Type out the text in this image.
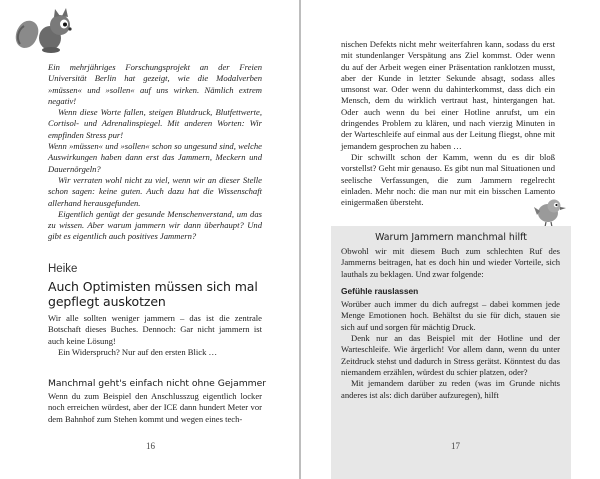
Ein mehrjähriges Forschungsprojekt an der Freien Universität Berlin hat gezeigt, wie die Modalverben »müssen« und »sollen« auf uns wirken. Nämlich extrem negativ!

Wenn diese Worte fallen, steigen Blutdruck, Blutfettwerte, Cortisol- und Adrenalinspiegel. Mit anderen Worten: Wir empfinden Stress pur!

Wenn »müssen« und »sollen« schon so ungesund sind, welche Auswirkungen haben dann erst das Jammern, Meckern und Dauernörgeln?

Wir verraten wohl nicht zu viel, wenn wir an dieser Stelle schon sagen: keine guten. Auch dazu hat die Wissenschaft allerhand herausgefunden.

Eigentlich genügt der gesunde Menschenverstand, um das zu wissen. Aber warum jammern wir dann überhaupt? Und gibt es eigentlich auch positives Jammern?

Heike
Auch Optimisten müssen sich mal gepflegt auskotzen

Wir alle sollten weniger jammern – das ist die zentrale Botschaft dieses Buches. Dennoch: Gar nicht jammern ist auch keine Lösung!

Ein Widerspruch? Nur auf den ersten Blick …

Manchmal geht's einfach nicht ohne Gejammer
Wenn du zum Beispiel den Anschlusszug eigentlich locker noch erreichen würdest, aber der ICE dann hundert Meter vor dem Bahnhof zum Stehen kommt und wegen eines tech-
16

nischen Defekts nicht mehr weiterfahren kann, sodass du erst mit stundenlanger Verspätung ans Ziel kommst. Oder wenn du auf der Arbeit wegen einer Präsentation ranklotzen musst, aber der Kunde in letzter Sekunde absagt, sodass alles umsonst war. Oder wenn du dahinterkommst, dass dich ein Mensch, dem du wirklich vertraut hast, hintergangen hat. Oder auch wenn du bei einer Hotline anrufst, um ein dringendes Problem zu klären, und nach vierzig Minuten in der Warteschleife auf einmal aus der Leitung fliegst, ohne mit jemandem gesprochen zu haben …

Dir schwillt schon der Kamm, wenn du es dir bloß vorstellst? Geht mir genauso. Es gibt nun mal Situationen und seelische Verfassungen, die zum Jammern regelrecht einladen. Mehr noch: die man nur mit ein bisschen Lamento einigermaßen übersteht.

Warum Jammern manchmal hilft

Obwohl wir mit diesem Buch zum schlechten Ruf des Jammerns beitragen, hat es doch hin und wieder Vorteile, sich lauthals zu beklagen. Und zwar folgende:

Gefühle rauslassen

Worüber auch immer du dich aufregst – dabei kommen jede Menge Emotionen hoch. Behältst du sie für dich, stauen sie sich auf und sorgen für mächtig Druck.

Denk nur an das Beispiel mit der Hotline und der Warteschleife. Wie ärgerlich! Vor allem dann, wenn du unter Zeitdruck stehst und dadurch in Stress gerätst. Könntest du das niemandem erzählen, würdest du schier platzen, oder?

Mit jemandem darüber zu reden (was im Grunde nichts anderes ist als: dich darüber aufzuregen), hilft

17
